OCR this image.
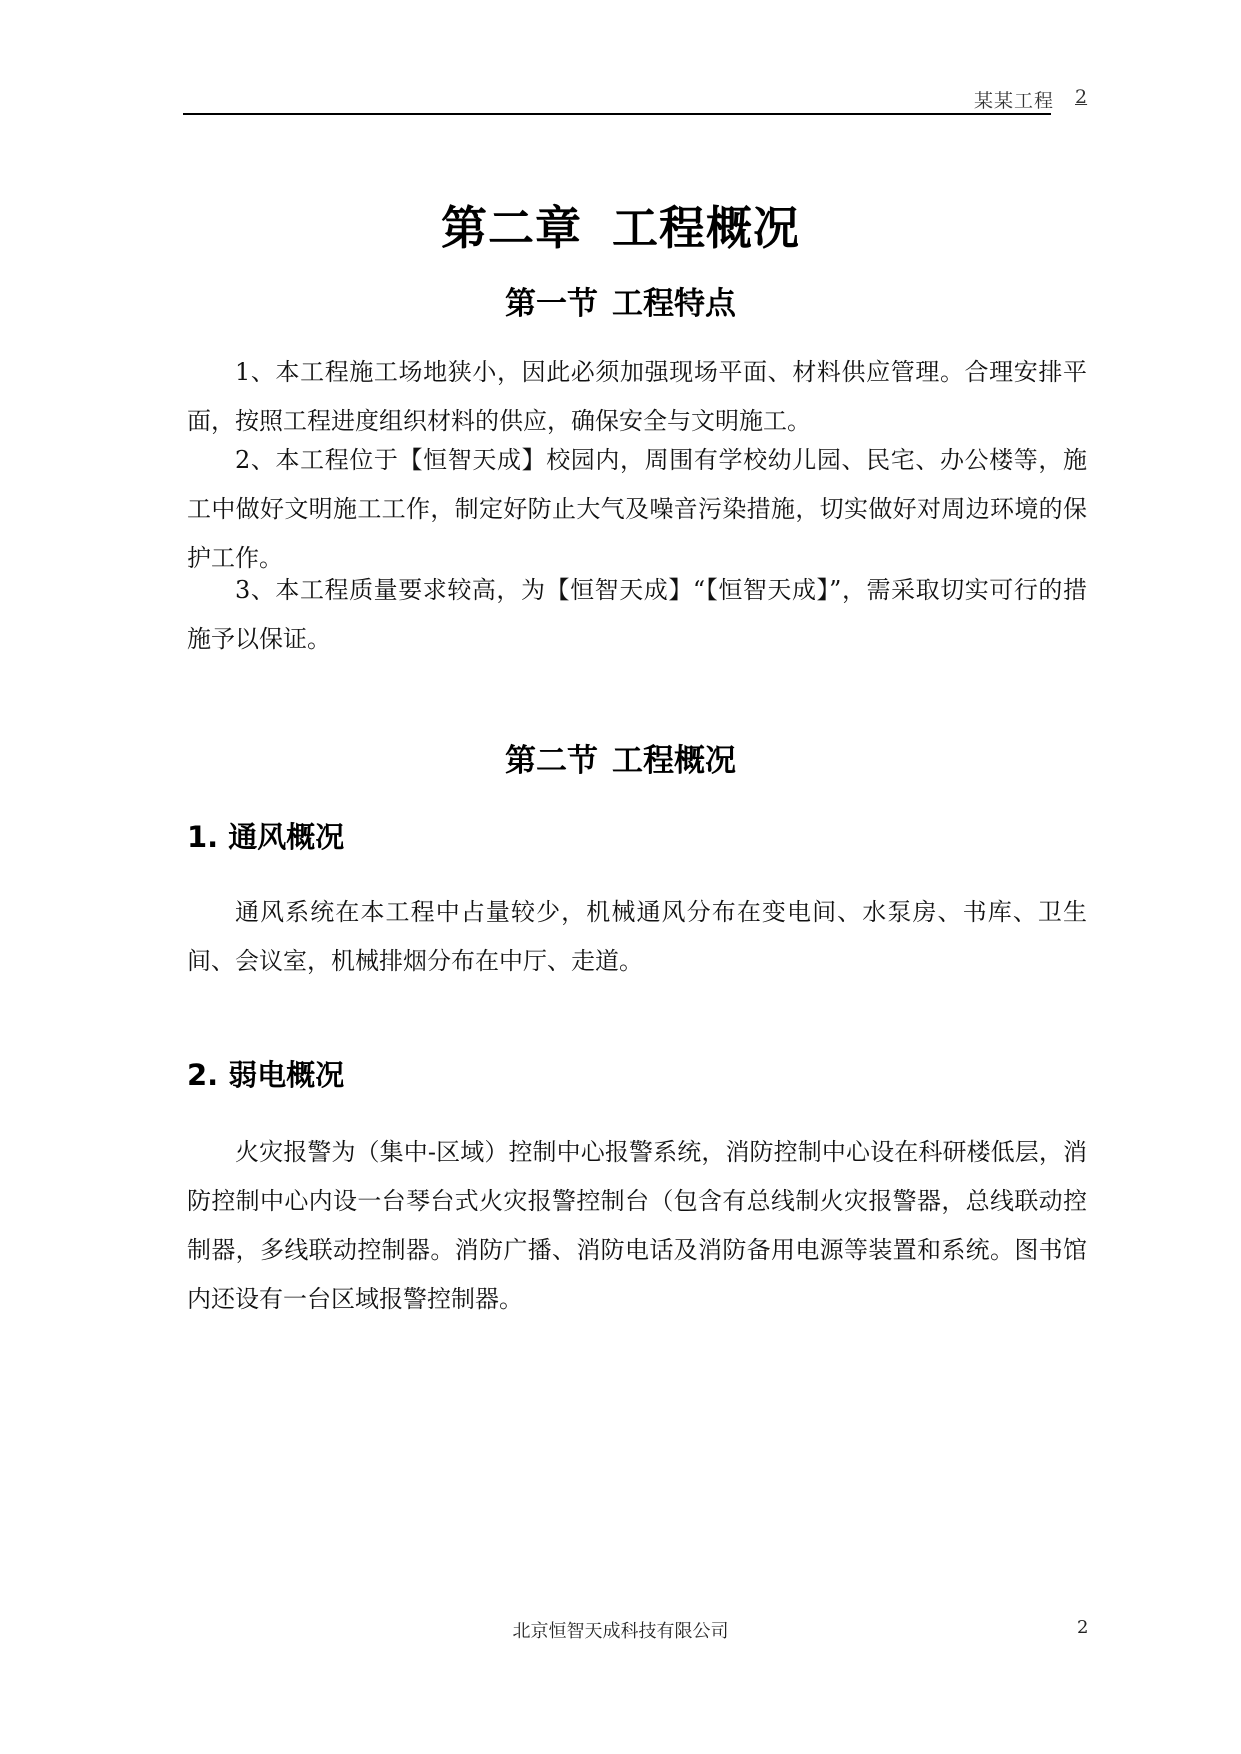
某某工程 2
第二章 工程概况
第一节 工程特点

1、本工程施工场地狭小，因此必须加强现场平面、材料供应管理。合理安排平面，按照工程进度组织材料的供应，确保安全与文明施工。

2、本工程位于【恒智天成】校园内，周围有学校幼儿园、民宅、办公楼等，施工中做好文明施工工作，制定好防止大气及噪音污染措施，切实做好对周边环境的保护工作。

3、本工程质量要求较高，为【恒智天成】“【恒智天成】”，需采取切实可行的措施予以保证。

第二节 工程概况
1. 通风概况

通风系统在本工程中占量较少，机械通风分布在变电间、水泵房、书库、卫生间、会议室，机械排烟分布在中厅、走道。

2. 弱电概况

火灾报警为（集中-区域）控制中心报警系统，消防控制中心设在科研楼低层，消防控制中心内设一台琴台式火灾报警控制台（包含有总线制火灾报警器，总线联动控制器，多线联动控制器。消防广播、消防电话及消防备用电源等装置和系统。图书馆内还设有一台区域报警控制器。

北京恒智天成科技有限公司	2
